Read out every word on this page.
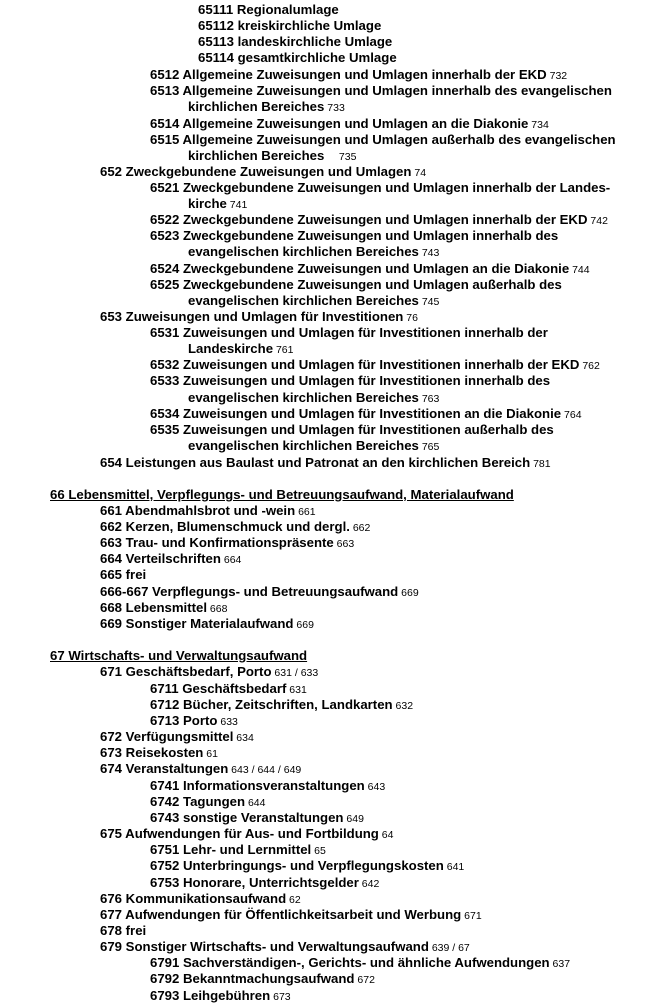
65111 Regionalumlage
65112 kreiskirchliche Umlage
65113 landeskirchliche Umlage
65114 gesamtkirchliche Umlage
6512 Allgemeine Zuweisungen und Umlagen innerhalb der EKD 732
6513 Allgemeine Zuweisungen und Umlagen innerhalb des evangelischen
kirchlichen Bereiches 733
6514 Allgemeine Zuweisungen und Umlagen an die Diakonie 734
6515 Allgemeine Zuweisungen und Umlagen außerhalb des evangelischen
kirchlichen Bereiches     735
652 Zweckgebundene Zuweisungen und Umlagen 74
6521 Zweckgebundene Zuweisungen und Umlagen innerhalb der Landes-
kirche 741
6522 Zweckgebundene Zuweisungen und Umlagen innerhalb der EKD 742
6523 Zweckgebundene Zuweisungen und Umlagen innerhalb des
evangelischen kirchlichen Bereiches 743
6524 Zweckgebundene Zuweisungen und Umlagen an die Diakonie 744
6525 Zweckgebundene Zuweisungen und Umlagen außerhalb des
evangelischen kirchlichen Bereiches 745
653 Zuweisungen und Umlagen für Investitionen 76
6531 Zuweisungen und Umlagen für Investitionen innerhalb der
Landeskirche 761
6532 Zuweisungen und Umlagen für Investitionen innerhalb der EKD 762
6533 Zuweisungen und Umlagen für Investitionen innerhalb des
evangelischen kirchlichen Bereiches 763
6534 Zuweisungen und Umlagen für Investitionen an die Diakonie 764
6535 Zuweisungen und Umlagen für Investitionen außerhalb des
evangelischen kirchlichen Bereiches 765
654 Leistungen aus Baulast und Patronat an den kirchlichen Bereich 781
66 Lebensmittel, Verpflegungs- und Betreuungsaufwand, Materialaufwand
661 Abendmahlsbrot und -wein 661
662 Kerzen, Blumenschmuck und dergl. 662
663 Trau- und Konfirmationspräsente 663
664 Verteilschriften 664
665 frei
666-667 Verpflegungs- und Betreuungsaufwand 669
668 Lebensmittel 668
669 Sonstiger Materialaufwand 669
67 Wirtschafts- und Verwaltungsaufwand
671 Geschäftsbedarf, Porto 631 / 633
6711 Geschäftsbedarf 631
6712 Bücher, Zeitschriften, Landkarten 632
6713 Porto 633
672 Verfügungsmittel 634
673 Reisekosten 61
674 Veranstaltungen 643 / 644 / 649
6741 Informationsveranstaltungen 643
6742 Tagungen 644
6743 sonstige Veranstaltungen 649
675 Aufwendungen für Aus- und Fortbildung 64
6751 Lehr- und Lernmittel 65
6752 Unterbringungs- und Verpflegungskosten 641
6753 Honorare, Unterrichtsgelder 642
676 Kommunikationsaufwand 62
677 Aufwendungen für Öffentlichkeitsarbeit und Werbung 671
678 frei
679 Sonstiger Wirtschafts- und Verwaltungsaufwand 639 / 67
6791 Sachverständigen-, Gerichts- und ähnliche Aufwendungen 637
6792 Bekanntmachungsaufwand 672
6793 Leihgebühren 673
